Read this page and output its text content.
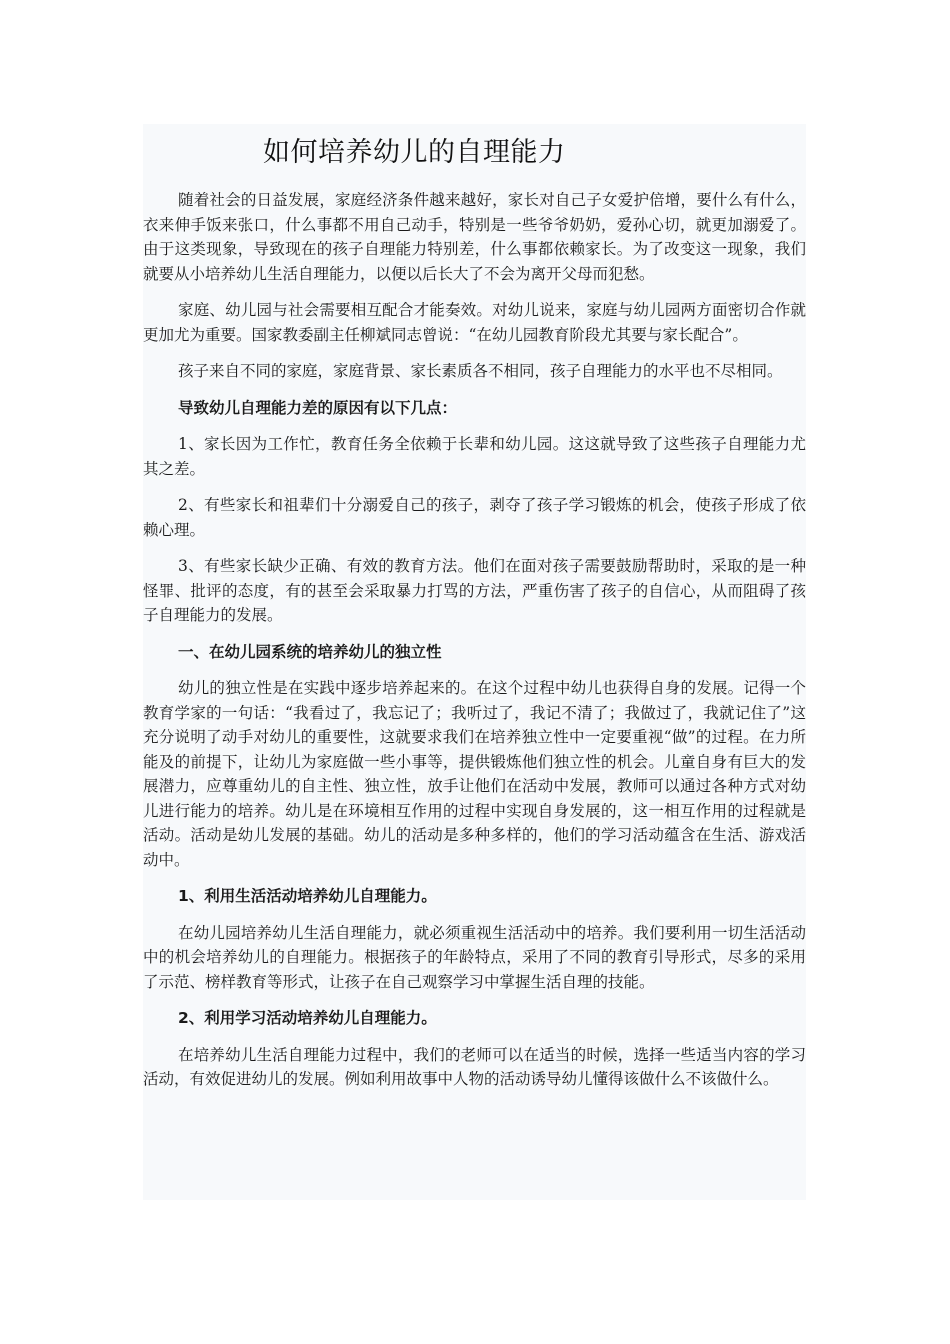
如何培养幼儿的自理能力

随着社会的日益发展，家庭经济条件越来越好，家长对自己子女爱护倍增，要什么有什么，衣来伸手饭来张口，什么事都不用自己动手，特别是一些爷爷奶奶，爱孙心切，就更加溺爱了。由于这类现象，导致现在的孩子自理能力特别差，什么事都依赖家长。为了改变这一现象，我们就要从小培养幼儿生活自理能力，以便以后长大了不会为离开父母而犯愁。

家庭、幼儿园与社会需要相互配合才能奏效。对幼儿说来，家庭与幼儿园两方面密切合作就更加尤为重要。国家教委副主任柳斌同志曾说：“在幼儿园教育阶段尤其要与家长配合”。

孩子来自不同的家庭，家庭背景、家长素质各不相同，孩子自理能力的水平也不尽相同。

导致幼儿自理能力差的原因有以下几点：

1、家长因为工作忙，教育任务全依赖于长辈和幼儿园。这这就导致了这些孩子自理能力尤其之差。

2、有些家长和祖辈们十分溺爱自己的孩子，剥夺了孩子学习锻炼的机会，使孩子形成了依赖心理。

3、有些家长缺少正确、有效的教育方法。他们在面对孩子需要鼓励帮助时，采取的是一种怪罪、批评的态度，有的甚至会采取暴力打骂的方法，严重伤害了孩子的自信心，从而阻碍了孩子自理能力的发展。

一、在幼儿园系统的培养幼儿的独立性

幼儿的独立性是在实践中逐步培养起来的。在这个过程中幼儿也获得自身的发展。记得一个教育学家的一句话：“我看过了，我忘记了；我听过了，我记不清了；我做过了，我就记住了”这充分说明了动手对幼儿的重要性，这就要求我们在培养独立性中一定要重视“做”的过程。在力所能及的前提下，让幼儿为家庭做一些小事等，提供锻炼他们独立性的机会。儿童自身有巨大的发展潜力，应尊重幼儿的自主性、独立性，放手让他们在活动中发展，教师可以通过各种方式对幼儿进行能力的培养。幼儿是在环境相互作用的过程中实现自身发展的，这一相互作用的过程就是活动。活动是幼儿发展的基础。幼儿的活动是多种多样的，他们的学习活动蕴含在生活、游戏活动中。

1、利用生活活动培养幼儿自理能力。

在幼儿园培养幼儿生活自理能力，就必须重视生活活动中的培养。我们要利用一切生活活动中的机会培养幼儿的自理能力。根据孩子的年龄特点，采用了不同的教育引导形式，尽多的采用了示范、榜样教育等形式，让孩子在自己观察学习中掌握生活自理的技能。

2、利用学习活动培养幼儿自理能力。

在培养幼儿生活自理能力过程中，我们的老师可以在适当的时候，选择一些适当内容的学习活动，有效促进幼儿的发展。例如利用故事中人物的活动诱导幼儿懂得该做什么不该做什么。
